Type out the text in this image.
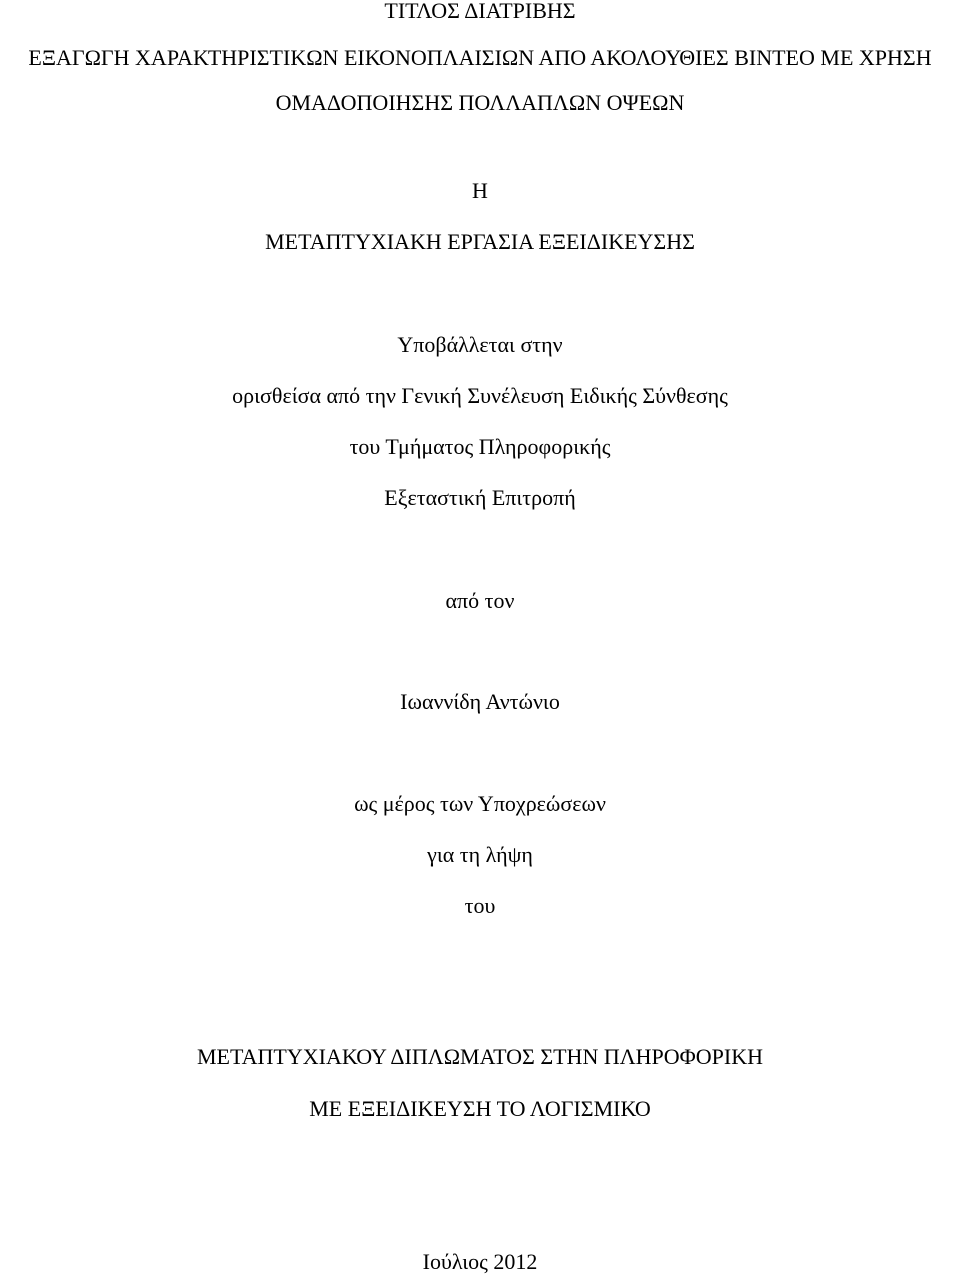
ΤΙΤΛΟΣ ΔΙΑΤΡΙΒΗΣ
ΕΞΑΓΩΓΗ ΧΑΡΑΚΤΗΡΙΣΤΙΚΩΝ ΕΙΚΟΝΟΠΛΑΙΣΙΩΝ ΑΠΟ ΑΚΟΛΟΥΘΙΕΣ ΒΙΝΤΕΟ ΜΕ ΧΡΗΣΗ
ΟΜΑΔΟΠΟΙΗΣΗΣ ΠΟΛΛΑΠΛΩΝ ΟΨΕΩΝ
Η
ΜΕΤΑΠΤΥΧΙΑΚΗ ΕΡΓΑΣΙΑ ΕΞΕΙΔΙΚΕΥΣΗΣ
Υποβάλλεται στην
ορισθείσα από την Γενική Συνέλευση Ειδικής Σύνθεσης
του Τμήματος Πληροφορικής
Εξεταστική Επιτροπή
από τον
Ιωαννίδη Αντώνιο
ως μέρος των Υποχρεώσεων
για τη λήψη
του
ΜΕΤΑΠΤΥΧΙΑΚΟΥ ΔΙΠΛΩΜΑΤΟΣ ΣΤΗΝ ΠΛΗΡΟΦΟΡΙΚΗ
ΜΕ ΕΞΕΙΔΙΚΕΥΣΗ ΤΟ ΛΟΓΙΣΜΙΚΟ
Ιούλιος 2012
